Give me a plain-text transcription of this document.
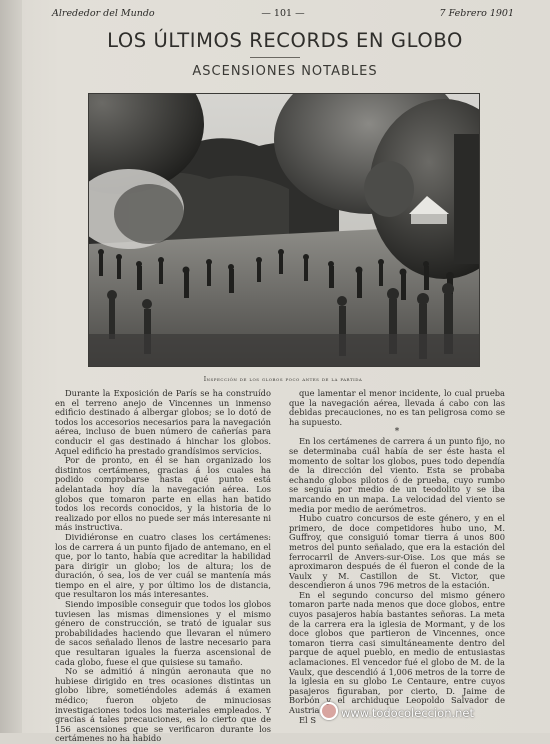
Alrededor del Mundo	— 101 —	7 Febrero 1901
LOS ÚLTIMOS RECORDS EN GLOBO
ASCENSIONES NOTABLES
Inspección de los globos poco antes de la partida

Durante la Exposición de París se ha construído en el terreno anejo de Vincennes un inmenso edificio destinado á albergar globos; se lo dotó de todos los accesorios necesarios para la navegación aérea, incluso de buen número de cañerías para conducir el gas destinado á hinchar los globos. Aquel edificio ha prestado grandísimos servicios.

Por de pronto, en él se han organizado los distintos certámenes, gracias á los cuales ha podido comprobarse hasta qué punto está adelantada hoy día la navegación aérea. Los globos que tomaron parte en ellas han batido todos los records conocidos, y la historia de lo realizado por ellos no puede ser más interesante ni más instructiva.

Dividiéronse en cuatro clases los certámenes: los de carrera á un punto fijado de antemano, en el que, por lo tanto, había que acreditar la habilidad para dirigir un globo; los de altura; los de duración, ó sea, los de ver cuál se mantenía más tiempo en el aire, y por último los de distancia, que resultaron los más interesantes.

Siendo imposible conseguir que todos los globos tuviesen las mismas dimensiones y el mismo género de construcción, se trató de igualar sus probabilidades haciendo que llevaran el número de sacos señalado llenos de lastre necesario para que resultaran iguales la fuerza ascensional de cada globo, fuese el que quisiese su tamaño.

No se admitió á ningún aeronauta que no hubiese dirigido en tres ocasiones distintas un globo libre, sometiéndoles además á examen médico; fueron objeto de minuciosas investigaciones todos los materiales empleados. Y gracias á tales precauciones, es lo cierto que de 156 ascensiones que se verificaron durante los certámenes no ha habido

que lamentar el menor incidente, lo cual prueba que la navegación aérea, llevada á cabo con las debidas precauciones, no es tan peligrosa como se ha supuesto.

*

En los certámenes de carrera á un punto fijo, no se determinaba cuál había de ser éste hasta el momento de soltar los globos, pues todo dependía de la dirección del viento. Esta se probaba echando globos pilotos ó de prueba, cuyo rumbo se seguía por medio de un teodolito y se iba marcando en un mapa. La velocidad del viento se media por medio de aerómetros.

Hubo cuatro concursos de este género, y en el primero, de doce competidores hubo uno, M. Guffroy, que consiguió tomar tierra á unos 800 metros del punto señalado, que era la estación del ferrocarril de Anvers-sur-Oise. Los que más se aproximaron después de él fueron el conde de la Vaulx y M. Castillon de St. Victor, que descendieron á unos 796 metros de la estación.

En el segundo concurso del mismo género tomaron parte nada menos que doce globos, entre cuyos pasajeros había bastantes señoras. La meta de la carrera era la iglesia de Mormant, y de los doce globos que partieron de Vincennes, once tomaron tierra casi simultáneamente dentro del parque de aquel pueblo, en medio de entusiastas aclamaciones. El vencedor fué el globo de M. de la Vaulx, que descendió á 1,006 metros de la torre de la iglesia en su globo Le Centaure, entre cuyos pasajeros figuraban, por cierto, D. Jaime de Borbón y el archiduque Leopoldo Salvador de Austria.

El S	www.todocoleccion.net
